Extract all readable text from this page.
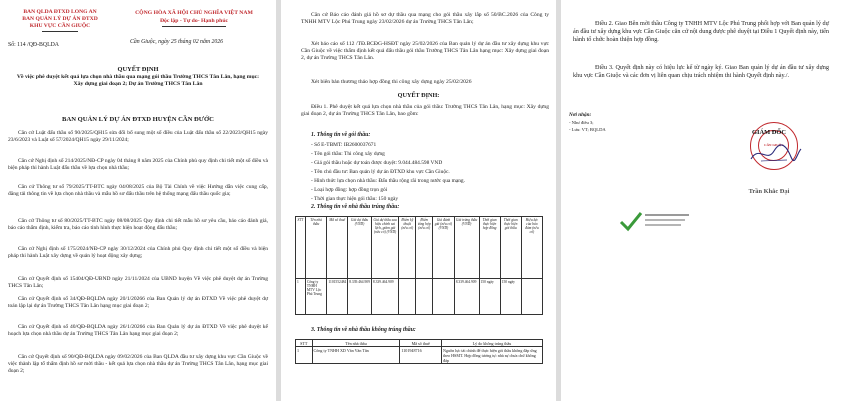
BAN QLDA ĐTXD LONG AN
BAN QUẢN LÝ DỰ ÁN ĐTXD
KHU VỰC CẦN GIUỘC
CỘNG HÒA XÃ HỘI CHỦ NGHĨA VIỆT NAM
Độc lập - Tự do- Hạnh phúc
Số: 114 /QĐ-BQLDA	Cần Giuộc, ngày 25 tháng 02 năm 2026
QUYẾT ĐỊNH
Về việc phê duyệt kết quả lựa chọn nhà thầu qua mạng gói thầu Trường THCS Tân Lân, hạng mục: Xây dựng giai đoạn 2; Dự án Trường THCS Tân Lân
BAN QUẢN LÝ DỰ ÁN ĐTXD HUYỆN CẦN ĐƯỚC
Căn cứ Luật đấu thầu số 90/2025/QH15 sửa đổi bổ sung một số điều của Luật đấu thầu số 22/2023/QH15 ngày 23/6/2023 và Luật số 57/2024/QH15 ngày 29/11/2024;
Căn cứ Nghị định số 214/2025/NĐ-CP ngày 04 tháng 8 năm 2025 của Chính phủ quy định chi tiết một số điều và biện pháp thi hành Luật đấu thầu về lựa chọn nhà thầu;
Căn cứ Thông tư số 79/2025/TT-BTC ngày 04/08/2025 của Bộ Tài Chính về việc Hướng dẫn việc cung cấp, đăng tải thông tin về lựa chọn nhà thầu và mẫu hồ sơ đấu thầu trên hệ thống mạng đấu thầu quốc gia;
Căn cứ Thông tư số 80/2025/TT-BTC ngày 08/08/2025 Quy định chi tiết mẫu hồ sơ yêu cầu, báo cáo đánh giá, báo cáo thẩm định, kiểm tra, báo cáo tình hình thực hiện hoạt động đấu thầu;
Căn cứ Nghị định số 175/2024/NĐ-CP ngày 30/12/2024 của Chính phủ Quy định chi tiết một số điều và biện pháp thi hành Luật xây dựng về quản lý hoạt động xây dựng;
Căn cứ Quyết định số 15404/QĐ-UBND ngày 21/11/2024 của UBND huyện Về việc phê duyệt dự án Trường THCS Tân Lân;
Căn cứ Quyết định số 34/QĐ-BQLDA ngày 20/1/20266 của Ban Quản lý dự án ĐTXD Về việc phê duyệt dự toán lập lại dự án Trường THCS Tân Lân hạng mục giai đoạn 2;
Căn cứ Quyết định số 40/QĐ-BQLDA ngày 26/1/20266 của Ban Quản lý dự án ĐTXD Về việc phê duyệt kế hoạch lựa chọn nhà thầu dự án Trường THCS Tân Lân hạng mục giai đoạn 2;
Căn cứ Quyết định số 90/QĐ-BQLDA ngày 09/02/2026 của Ban QLDA đầu tư xây dựng khu vực Cần Giuộc về việc thành lập tổ thẩm định hồ sơ mời thầu - kết quả lựa chọn nhà thầu dự án Trường THCS Tân Lân, hạng mục giai đoạn 2;
Căn cứ Báo cáo đánh giá hồ sơ dự thầu qua mạng cho gói thầu xây lắp số 50/BC.2026 của Công ty TNHH MTV Lộc Phú Trung ngày 23/02/2026 dự án Trường THCS Tân Lân;
Xét báo cáo số 112 /TĐ.BCĐG-HSĐT ngày 25/02/2026 của Ban quản lý dự án đầu tư xây dựng khu vực Cần Giuộc về việc thẩm định kết quả đấu thầu gói thầu Trường THCS Tân Lân hạng mục: Xây dựng giai đoạn 2, dự án Trường THCS Tân Lân.
Xét biên bản thương thảo hợp đồng thi công xây dựng ngày 25/02/2026
QUYẾT ĐỊNH:
Điều 1. Phê duyệt kết quả lựa chọn nhà thầu của gói thầu: Trường THCS Tân Lân, hạng mục: Xây dựng giai đoạn 2, dự án Trường THCS Tân Lân, bao gồm:
1. Thông tin về gói thầu:
- Số E-TBMT: IB2600037671
- Tên gói thầu: Thi công xây dựng
- Giá gói thầu hoặc dự toán được duyệt: 9.044.484.598 VND
- Tên chủ đầu tư: Ban quản lý dự án ĐTXD khu vực Cần Giuộc.
- Hình thức lựa chọn nhà thầu: Đấu thầu rộng rãi trong nước qua mạng.
- Loại hợp đồng: hợp đồng trọn gói
- Thời gian thực hiện gói thầu: 150 ngày
2. Thông tin về nhà thầu trúng thầu:
STT	Tên nhà thầu	Mã số thuế	Giá dự thầu (VND)	Giá dự thầu sau hiệu chỉnh sai lệch, giảm giá (nếu có) (VND)	Điểm kỹ thuật (nếu có)	Điểm tổng hợp (nếu có)	Giá đánh giá (nếu có) (VND)	Giá trúng thầu (VND)	Thời gian thực hiện hợp đồng	Thời gian thực hiện gói thầu	Hiệu lực của bảo đảm (nếu có)
1	Công ty TNHH MTV Lộc Phú Trung	1101552484	8.339.464.909	8.339.464.909				8.339.464.909	150 ngày	150 ngày	
3. Thông tin về nhà thầu không trúng thầu:
STT	Tên nhà thầu	Mã số thuế	Lý do không trúng thầu
1	Công ty TNHH XD Văn Văn Tân	1101948716	Nguồn lực tài chính để thực hiện gói thầu không đáp ứng theo HSMT. Hợp đồng tương tự: nhà sự chưa chứ không đáp
Điều 2. Giao Bên mời thầu Công ty TNHH MTV Lộc Phú Trung phối hợp với Ban quản lý dự án đầu tư xây dựng khu vực Cần Giuộc căn cứ nội dung được phê duyệt tại Điều 1 Quyết định này, tiến hành tổ chức hoàn thiện hợp đồng.
Điều 3. Quyết định này có hiệu lực kể từ ngày ký. Giao Ban quản lý dự án đầu tư xây dựng khu vực Cần Giuộc và các đơn vị liên quan chịu trách nhiệm thi hành Quyết định này./.
Nơi nhận:
- Như điều 3;
- Lưu: VT; BQLDA
CẦN GIUỘC
GIÁM ĐỐC
Trần Khắc Đại
